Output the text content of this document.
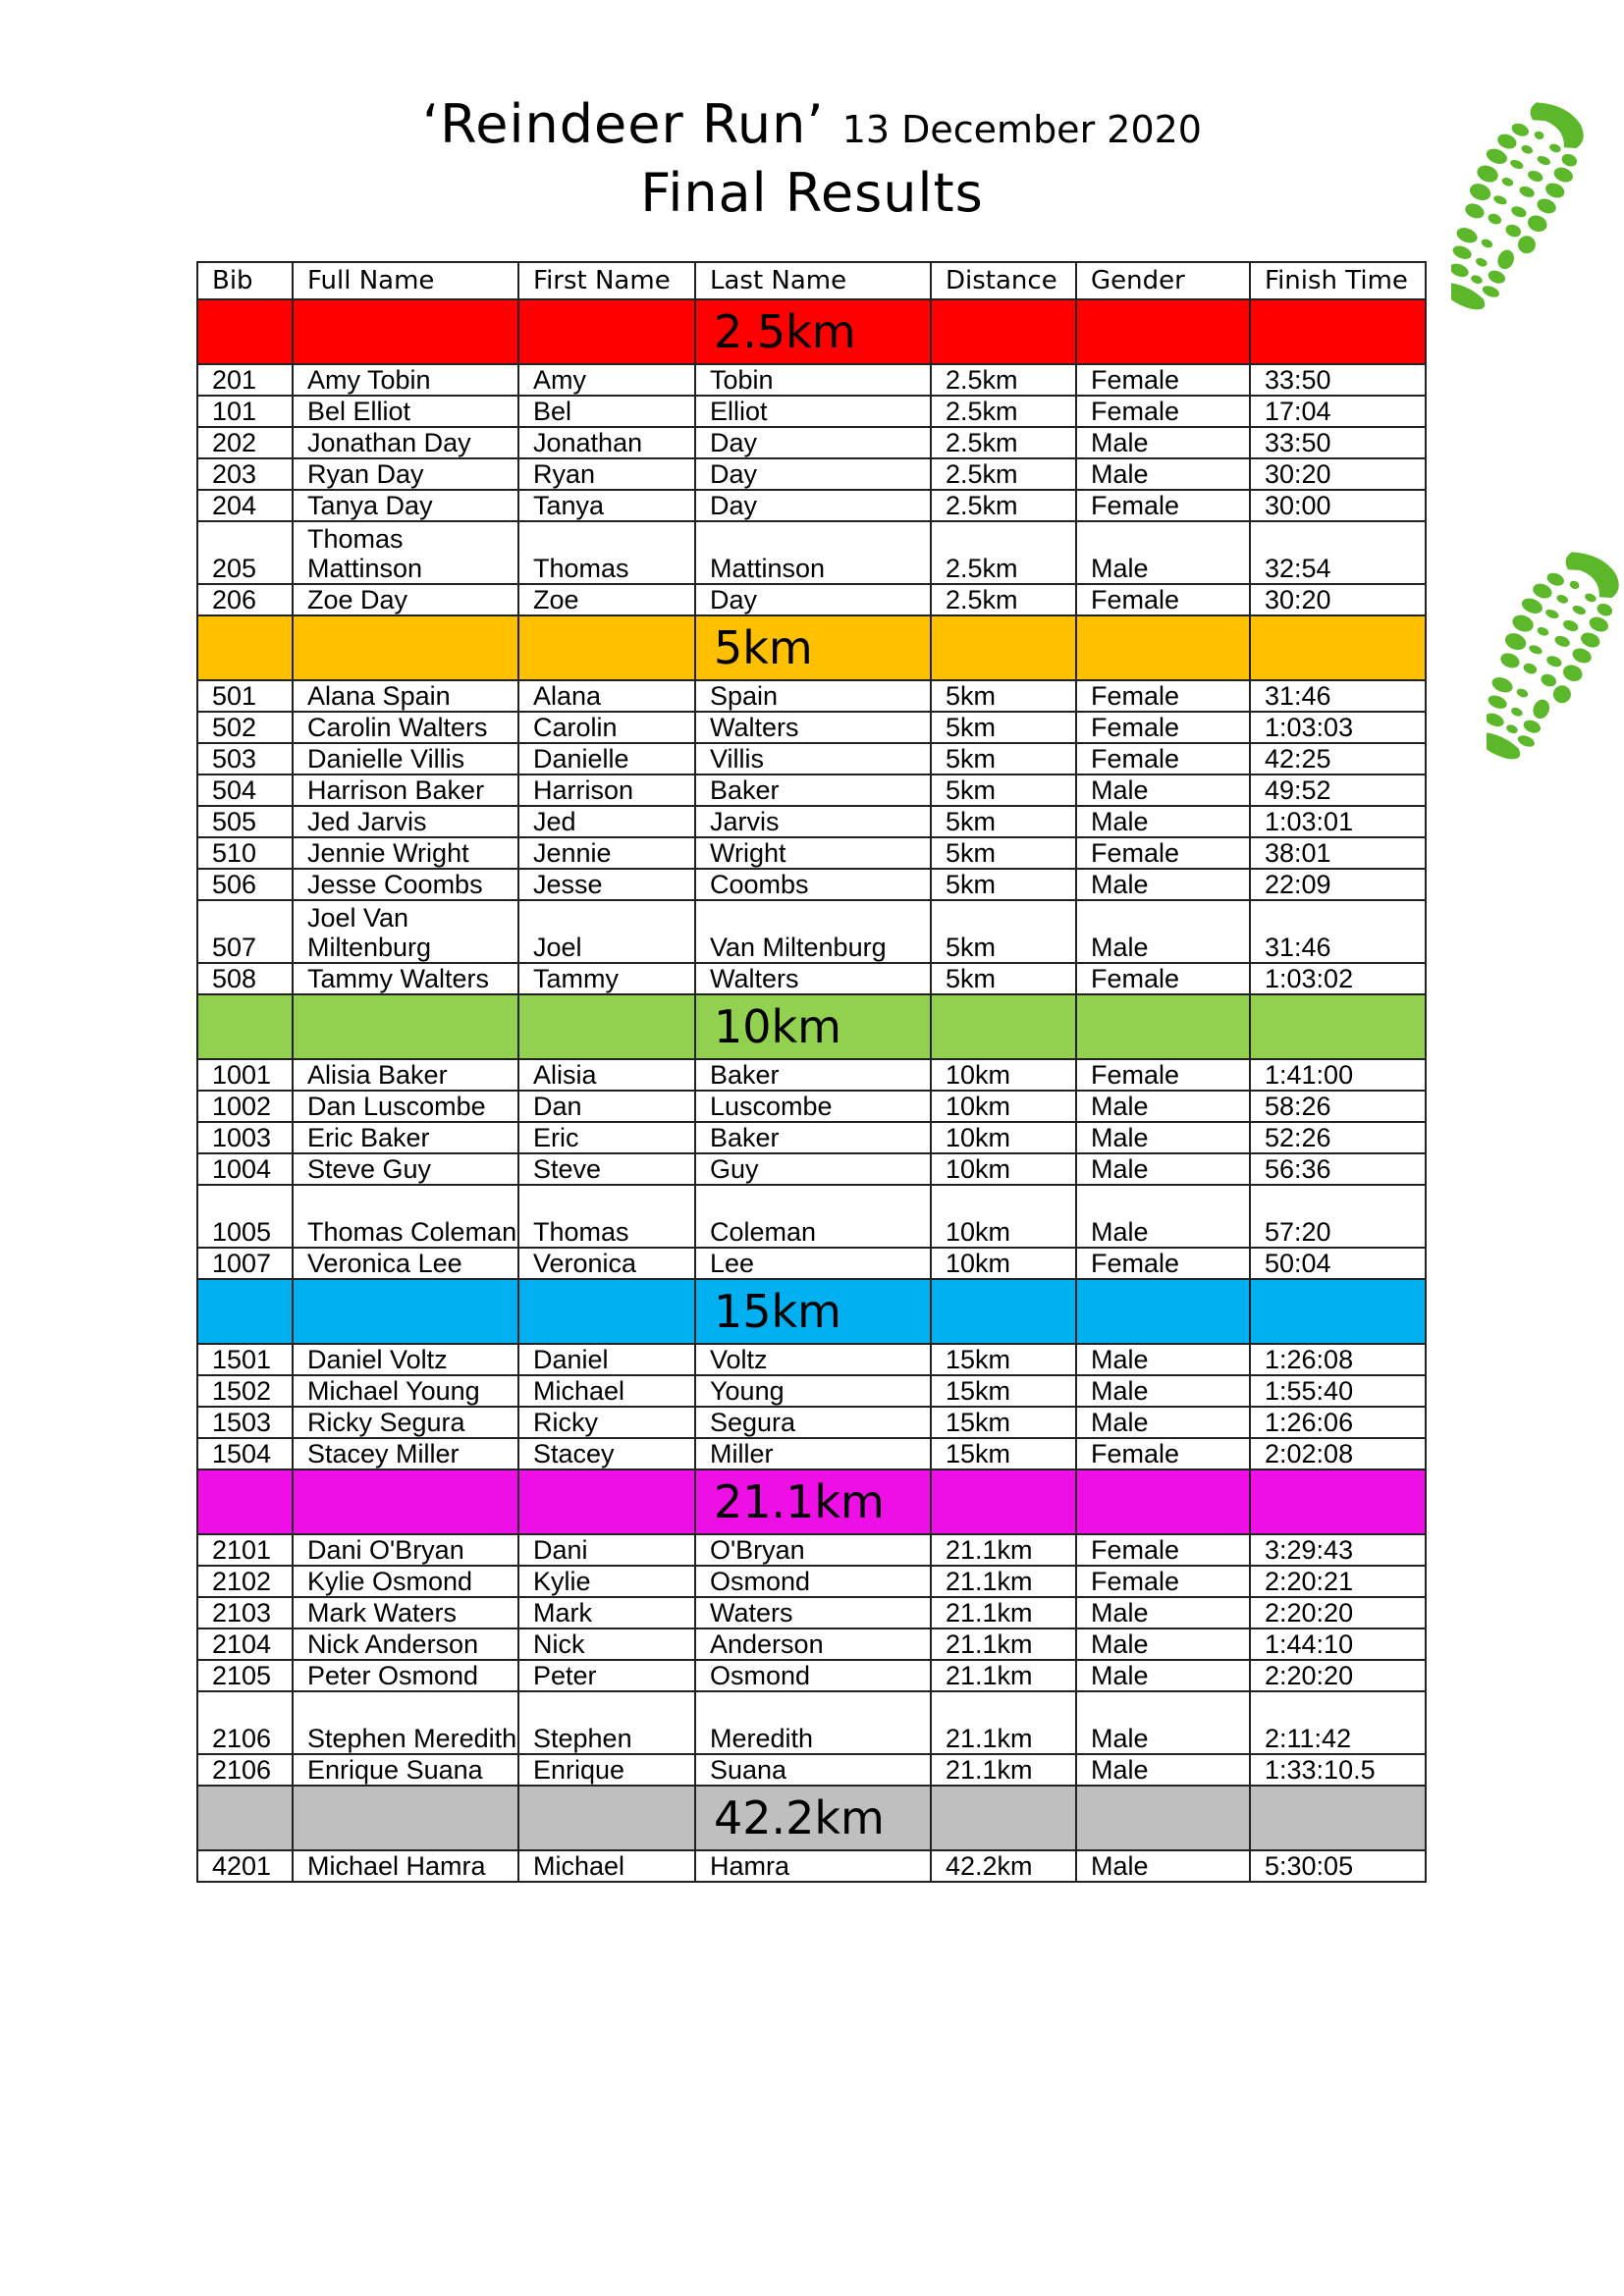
‘Reindeer Run’ 13 December 2020
Final Results
Bib	Full Name	First Name	Last Name	Distance	Gender	Finish Time
			2.5km			
201	Amy Tobin	Amy	Tobin	2.5km	Female	33:50
101	Bel Elliot	Bel	Elliot	2.5km	Female	17:04
202	Jonathan Day	Jonathan	Day	2.5km	Male	33:50
203	Ryan Day	Ryan	Day	2.5km	Male	30:20
204	Tanya Day	Tanya	Day	2.5km	Female	30:00
205	Thomas Mattinson	Thomas	Mattinson	2.5km	Male	32:54
206	Zoe Day	Zoe	Day	2.5km	Female	30:20
			5km			
501	Alana Spain	Alana	Spain	5km	Female	31:46
502	Carolin Walters	Carolin	Walters	5km	Female	1:03:03
503	Danielle Villis	Danielle	Villis	5km	Female	42:25
504	Harrison Baker	Harrison	Baker	5km	Male	49:52
505	Jed Jarvis	Jed	Jarvis	5km	Male	1:03:01
510	Jennie Wright	Jennie	Wright	5km	Female	38:01
506	Jesse Coombs	Jesse	Coombs	5km	Male	22:09
507	Joel Van Miltenburg	Joel	Van Miltenburg	5km	Male	31:46
508	Tammy Walters	Tammy	Walters	5km	Female	1:03:02
			10km			
1001	Alisia Baker	Alisia	Baker	10km	Female	1:41:00
1002	Dan Luscombe	Dan	Luscombe	10km	Male	58:26
1003	Eric Baker	Eric	Baker	10km	Male	52:26
1004	Steve Guy	Steve	Guy	10km	Male	56:36
1005	Thomas Coleman	Thomas	Coleman	10km	Male	57:20
1007	Veronica Lee	Veronica	Lee	10km	Female	50:04
			15km			
1501	Daniel Voltz	Daniel	Voltz	15km	Male	1:26:08
1502	Michael Young	Michael	Young	15km	Male	1:55:40
1503	Ricky Segura	Ricky	Segura	15km	Male	1:26:06
1504	Stacey Miller	Stacey	Miller	15km	Female	2:02:08
			21.1km			
2101	Dani O'Bryan	Dani	O'Bryan	21.1km	Female	3:29:43
2102	Kylie Osmond	Kylie	Osmond	21.1km	Female	2:20:21
2103	Mark Waters	Mark	Waters	21.1km	Male	2:20:20
2104	Nick Anderson	Nick	Anderson	21.1km	Male	1:44:10
2105	Peter Osmond	Peter	Osmond	21.1km	Male	2:20:20
2106	Stephen Meredith	Stephen	Meredith	21.1km	Male	2:11:42
2106	Enrique Suana	Enrique	Suana	21.1km	Male	1:33:10.5
			42.2km			
4201	Michael Hamra	Michael	Hamra	42.2km	Male	5:30:05
